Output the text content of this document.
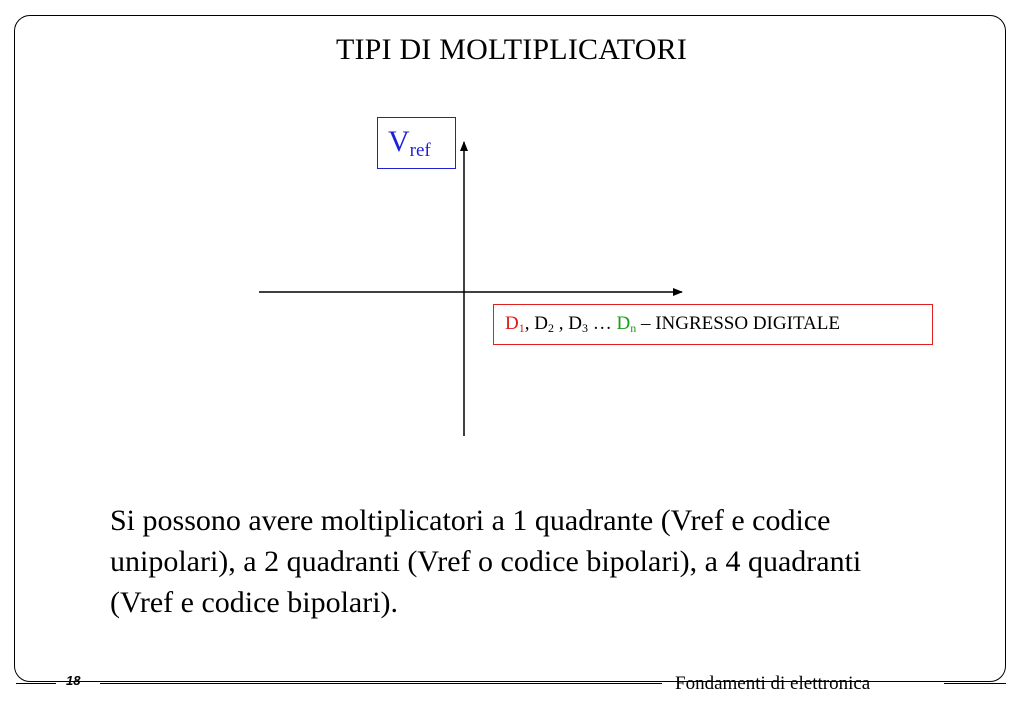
TIPI DI MOLTIPLICATORI
$V_{ref}$
$D_1$, $D_2$ , $D_3$ … $D_n$ – INGRESSO DIGITALE
Si possono avere moltiplicatori a 1 quadrante (Vref e codice unipolari), a 2 quadranti (Vref o codice bipolari), a 4 quadranti (Vref e codice bipolari).
18	Fondamenti di elettronica
